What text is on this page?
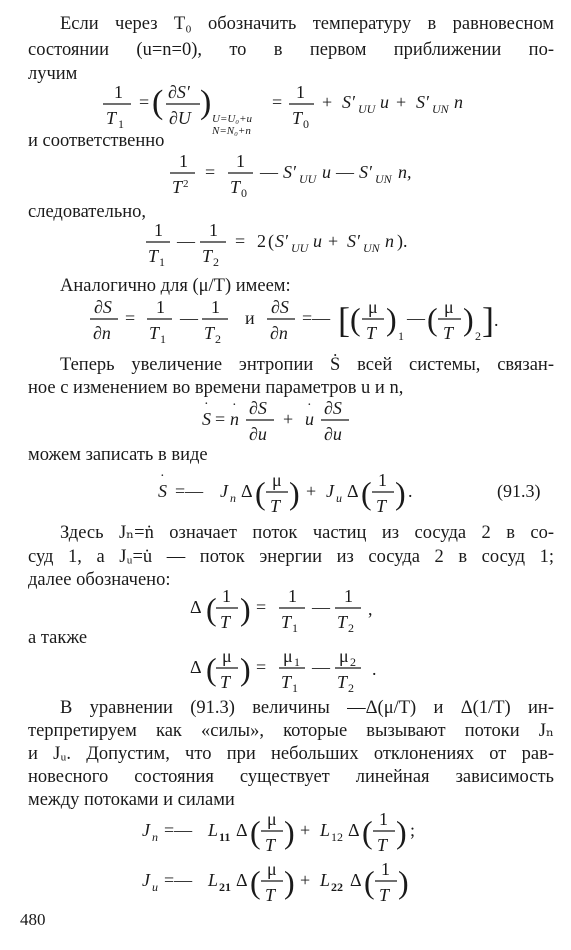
Если через T₀ обозначить температуру в равновесном
состоянии (u=n=0), то в первом приближении по-
лучим
1
T 1
= ( ∂S′
∂U ) U=U₀+u
N=N₀+n
= 1
T 0
+ S′ UU u + S′ UN n
и соответственно
1
T 2
=
1
T 0
— S′ UU u — S′ UN n,
следовательно,
1
T 1
—
1
T 2
= 2 ( S′ UU u + S′ UN n ).
Аналогично для (μ/T) имеем:
∂S
∂n
=
1
T 1
—
1
T 2
и
∂S
∂n
=— [ ( μ
T ) 1
— ( μ
T ) 2 ] .
Теперь увеличение энтропии Ṡ всей системы, связан-
ное с изменением во времени параметров u и n,
S
·
= n
· ∂S
∂u
+ u
· ∂S
∂u
можем записать в виде
S
·
=— J n Δ ( μ
T ) + J u Δ ( 1
T ) .	(91.3)
Здесь Jₙ=ṅ означает поток частиц из сосуда 2 в со-
суд 1, а Jᵤ=u̇ — поток энергии из сосуда 2 в сосуд 1;
далее обозначено:
Δ ( 1
T ) =
1
T 1
—
1
T 2
,
а также
Δ ( μ
T ) =
μ 1
T 1
—
μ 2
T 2
.
В уравнении (91.3) величины —Δ(μ/T) и Δ(1/T) ин-
терпретируем как «силы», которые вызывают потоки Jₙ
и Jᵤ. Допустим, что при небольших отклонениях от рав-
новесного состояния существует линейная зависимость
между потоками и силами
J n =— L 11 Δ ( μ
T ) + L 12 Δ ( 1
T ) ;
J u =— L 21 Δ ( μ
T ) + L 22 Δ ( 1
T )
480
